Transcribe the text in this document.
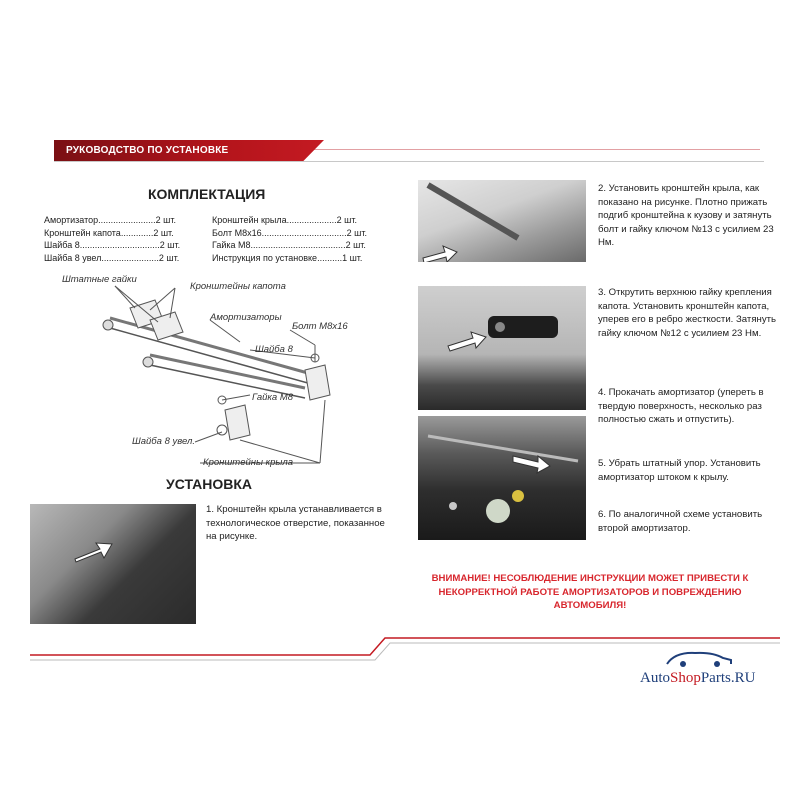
РУКОВОДСТВО ПО УСТАНОВКЕ
КОМПЛЕКТАЦИЯ
Амортизатор.......................2 шт.
Кронштейн капота.............2 шт.
Шайба 8................................2 шт.
Шайба 8 увел.......................2 шт.
Кронштейн крыла....................2 шт.
Болт М8х16..................................2 шт.
Гайка М8......................................2 шт.
Инструкция по установке..........1 шт.
Штатные гайки
Кронштейны капота
Амортизаторы
Болт М8х16
Шайба 8
Гайка М8
Шайба 8 увел.
Кронштейны крыла
УСТАНОВКА
1. Кронштейн крыла устанавливается в технологическое отверстие, показанное на рисунке.
2. Установить кронштейн крыла, как показано на рисунке. Плотно прижать подгиб кронштейна к кузову и затянуть болт и гайку ключом №13 с усилием 23 Нм.
3. Открутить верхнюю гайку крепления капота. Установить кронштейн капота, уперев его в ребро жесткости. Затянуть гайку ключом №12 с усилием 23 Нм.
4. Прокачать амортизатор (уперeть в твердую поверхность, несколько раз полностью сжать и отпустить).
5. Убрать штатный упор. Установить амортизатор штоком к крылу.
6. По аналогичной схеме установить второй амортизатор.
ВНИМАНИЕ! НЕСОБЛЮДЕНИЕ ИНСТРУКЦИИ МОЖЕТ ПРИВЕСТИ К НЕКОРРЕКТНОЙ РАБОТЕ АМОРТИЗАТОРОВ И ПОВРЕЖДЕНИЮ АВТОМОБИЛЯ!
AutoShopParts.RU
